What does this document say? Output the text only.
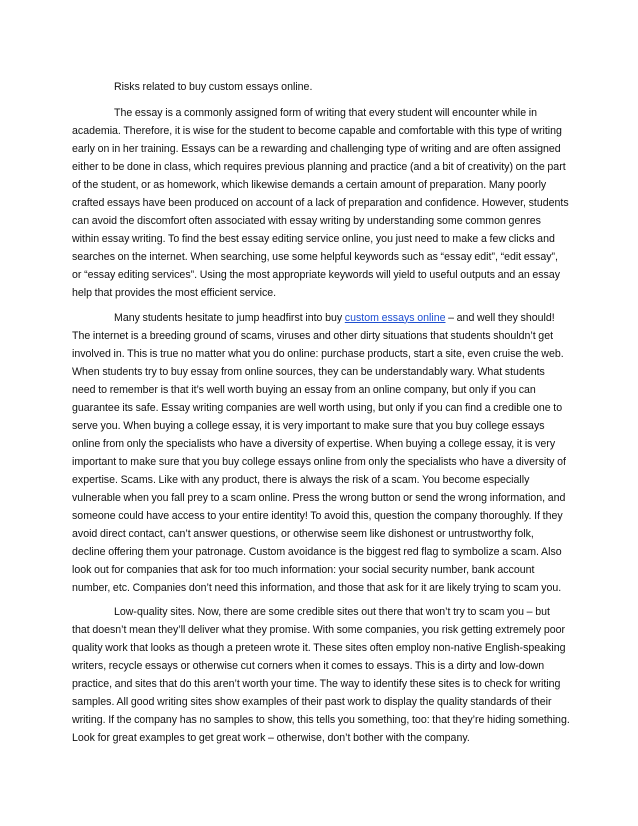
Risks related to buy custom essays online.

The essay is a commonly assigned form of writing that every student will encounter while in academia. Therefore, it is wise for the student to become capable and comfortable with this type of writing early on in her training. Essays can be a rewarding and challenging type of writing and are often assigned either to be done in class, which requires previous planning and practice (and a bit of creativity) on the part of the student, or as homework, which likewise demands a certain amount of preparation. Many poorly crafted essays have been produced on account of a lack of preparation and confidence. However, students can avoid the discomfort often associated with essay writing by understanding some common genres within essay writing. To find the best essay editing service online, you just need to make a few clicks and searches on the internet. When searching, use some helpful keywords such as “essay edit”, “edit essay”, or “essay editing services”. Using the most appropriate keywords will yield to useful outputs and an essay help that provides the most efficient service.

Many students hesitate to jump headfirst into buy custom essays online – and well they should! The internet is a breeding ground of scams, viruses and other dirty situations that students shouldn’t get involved in. This is true no matter what you do online: purchase products, start a site, even cruise the web. When students try to buy essay from online sources, they can be understandably wary. What students need to remember is that it’s well worth buying an essay from an online company, but only if you can guarantee its safe. Essay writing companies are well worth using, but only if you can find a credible one to serve you. When buying a college essay, it is very important to make sure that you buy college essays online from only the specialists who have a diversity of expertise. When buying a college essay, it is very important to make sure that you buy college essays online from only the specialists who have a diversity of expertise. Scams. Like with any product, there is always the risk of a scam. You become especially vulnerable when you fall prey to a scam online. Press the wrong button or send the wrong information, and someone could have access to your entire identity! To avoid this, question the company thoroughly. If they avoid direct contact, can’t answer questions, or otherwise seem like dishonest or untrustworthy folk, decline offering them your patronage. Custom avoidance is the biggest red flag to symbolize a scam. Also look out for companies that ask for too much information: your social security number, bank account number, etc. Companies don’t need this information, and those that ask for it are likely trying to scam you.

Low-quality sites. Now, there are some credible sites out there that won’t try to scam you – but that doesn’t mean they’ll deliver what they promise. With some companies, you risk getting extremely poor quality work that looks as though a preteen wrote it. These sites often employ non-native English-speaking writers, recycle essays or otherwise cut corners when it comes to essays. This is a dirty and low-down practice, and sites that do this aren’t worth your time. The way to identify these sites is to check for writing samples. All good writing sites show examples of their past work to display the quality standards of their writing. If the company has no samples to show, this tells you something, too: that they’re hiding something. Look for great examples to get great work – otherwise, don’t bother with the company.
